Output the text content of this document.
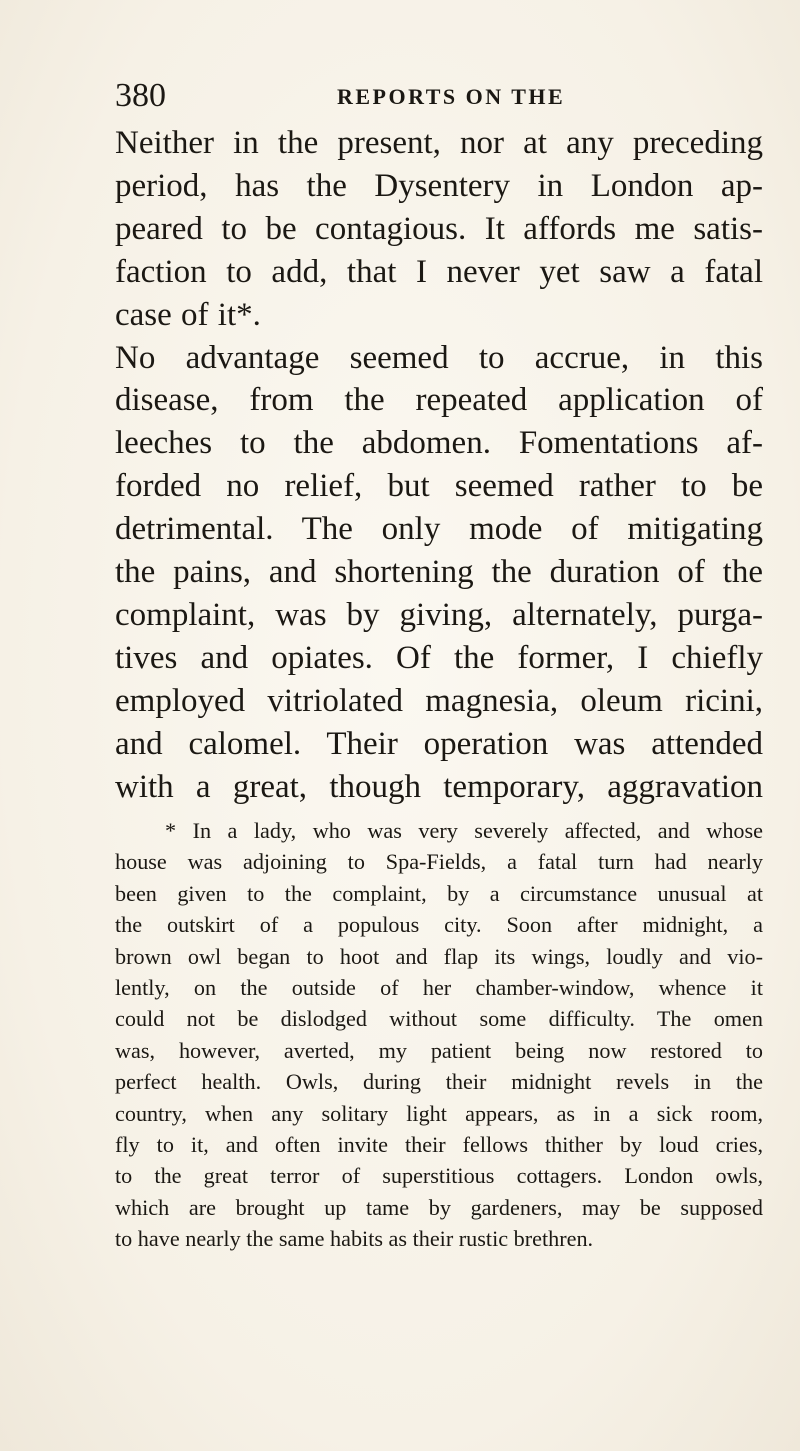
380	REPORTS ON THE

Neither in the present, nor at any preceding
period, has the Dysentery in London ap-
peared to be contagious. It affords me satis-
faction to add, that I never yet saw a fatal
case of it*.

No advantage seemed to accrue, in this
disease, from the repeated application of
leeches to the abdomen. Fomentations af-
forded no relief, but seemed rather to be
detrimental. The only mode of mitigating
the pains, and shortening the duration of the
complaint, was by giving, alternately, purga-
tives and opiates. Of the former, I chiefly
employed vitriolated magnesia, oleum ricini,
and calomel. Their operation was attended
with a great, though temporary, aggravation

* In a lady, who was very severely affected, and whose
house was adjoining to Spa-Fields, a fatal turn had nearly
been given to the complaint, by a circumstance unusual at
the outskirt of a populous city. Soon after midnight, a
brown owl began to hoot and flap its wings, loudly and vio-
lently, on the outside of her chamber-window, whence it
could not be dislodged without some difficulty. The omen
was, however, averted, my patient being now restored to
perfect health. Owls, during their midnight revels in the
country, when any solitary light appears, as in a sick room,
fly to it, and often invite their fellows thither by loud cries,
to the great terror of superstitious cottagers. London owls,
which are brought up tame by gardeners, may be supposed
to have nearly the same habits as their rustic brethren.
